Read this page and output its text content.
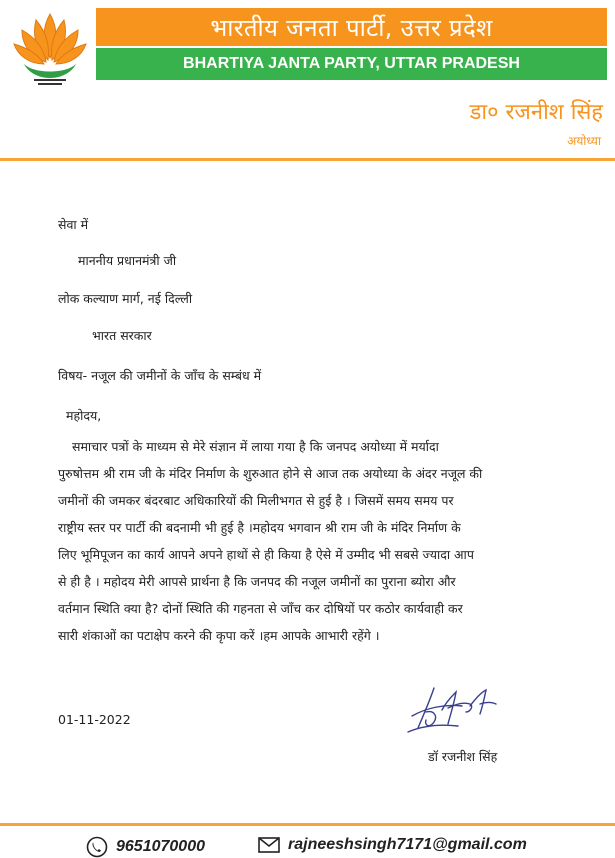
भारतीय जनता पार्टी, उत्तर प्रदेश
BHARTIYA JANTA PARTY, UTTAR PRADESH
डा० रजनीश सिंह
अयोध्या
सेवा में
माननीय प्रधानमंत्री जी
लोक कल्याण मार्ग, नई दिल्ली
भारत सरकार
विषय- नजूल की जमीनों के जाँच के सम्बंध में
महोदय,
समाचार पत्रों के माध्यम से मेरे संज्ञान में लाया गया है कि जनपद अयोध्या में मर्यादा
पुरुषोत्तम श्री राम जी के मंदिर निर्माण के शुरुआत होने से आज तक अयोध्या के अंदर नजूल की
जमीनों की जमकर बंदरबाट अधिकारियों की मिलीभगत से हुई है । जिसमें समय समय पर
राष्ट्रीय स्तर पर पार्टी की बदनामी भी हुई है ।महोदय भगवान श्री राम जी के मंदिर निर्माण के
लिए भूमिपूजन का कार्य आपने अपने हाथों से ही किया है ऐसे में उम्मीद भी सबसे ज्यादा आप
से ही है । महोदय मेरी आपसे प्रार्थना है कि जनपद की नजूल जमीनों का पुराना ब्योरा और
वर्तमान स्थिति क्या है? दोनों स्थिति की गहनता से जाँच कर दोषियों पर कठोर कार्यवाही कर
सारी शंकाओं का पटाक्षेप करने की कृपा करें ।हम आपके आभारी रहेंगे ।
01-11-2022
डॉ रजनीश सिंह
9651070000	rajneeshsingh7171@gmail.com
